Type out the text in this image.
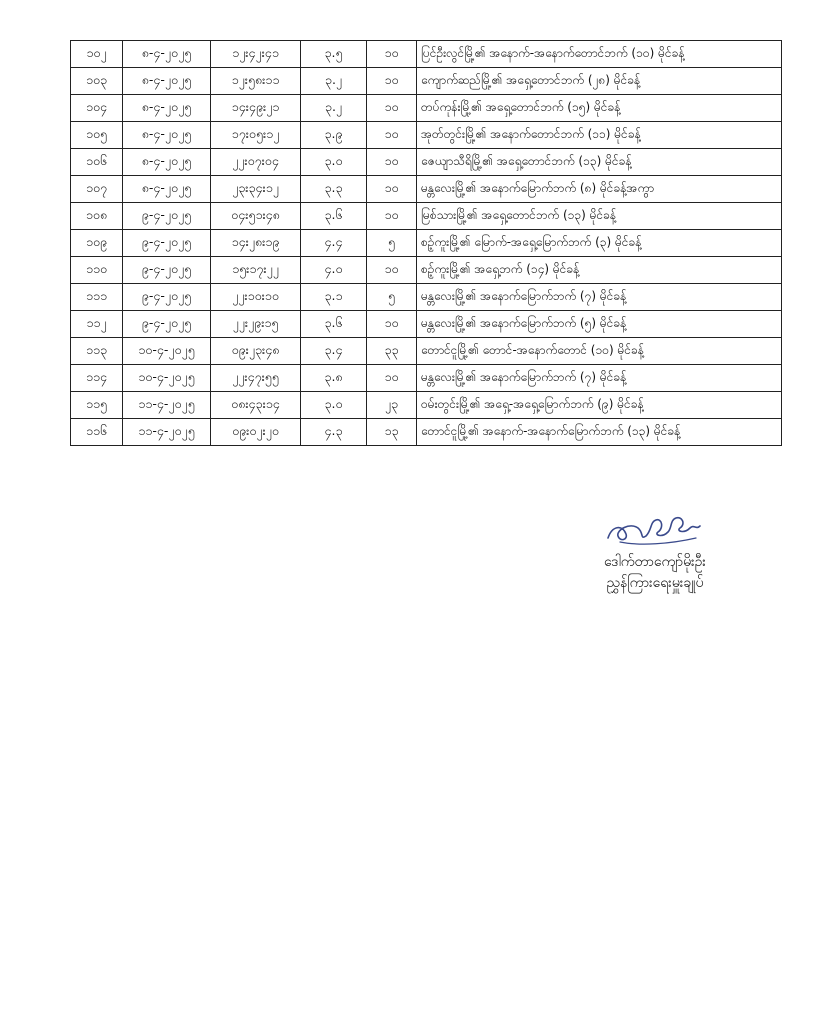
၁၀၂	၈-၄-၂၀၂၅	၁၂း၄၂း၄၁	၃.၅	၁၀	ပြင်ဦးလွင်မြို့၏ အနောက်-အနောက်တောင်ဘက် (၁၀) မိုင်ခန့်
၁၀၃	၈-၄-၂၀၂၅	၁၂း၅၈း၁၁	၃.၂	၁၀	ကျောက်ဆည်မြို့၏ အရှေ့တောင်ဘက် (၂၈) မိုင်ခန့်
၁၀၄	၈-၄-၂၀၂၅	၁၄း၄၉း၂၁	၃.၂	၁၀	တပ်ကုန်းမြို့၏ အရှေ့တောင်ဘက် (၁၅) မိုင်ခန့်
၁၀၅	၈-၄-၂၀၂၅	၁၇း၀၅း၁၂	၃.၉	၁၀	အုတ်တွင်းမြို့၏ အနောက်တောင်ဘက် (၁၁) မိုင်ခန့်
၁၀၆	၈-၄-၂၀၂၅	၂၂း၀၇း၀၄	၃.၀	၁၀	ဇေယျာသီရိမြို့၏ အရှေ့တောင်ဘက် (၁၃) မိုင်ခန့်
၁၀၇	၈-၄-၂၀၂၅	၂၃း၃၄း၁၂	၃.၃	၁၀	မန္တလေးမြို့၏ အနောက်မြောက်ဘက် (၈) မိုင်ခန့်အကွာ
၁၀၈	၉-၄-၂၀၂၅	၀၄း၅၁း၄၈	၃.၆	၁၀	မြစ်သားမြို့၏ အရှေ့တောင်ဘက် (၁၃) မိုင်ခန့်
၁၀၉	၉-၄-၂၀၂၅	၁၄း၂၈း၁၉	၄.၄	၅	စဉ့်ကူးမြို့၏ မြောက်-အရှေ့မြောက်ဘက် (၃) မိုင်ခန့်
၁၁၀	၉-၄-၂၀၂၅	၁၅း၁၇း၂၂	၄.၀	၁၀	စဉ့်ကူးမြို့၏ အရှေ့ဘက် (၁၄) မိုင်ခန့်
၁၁၁	၉-၄-၂၀၂၅	၂၂း၁၀း၁၀	၃.၁	၅	မန္တလေးမြို့၏ အနောက်မြောက်ဘက် (၇) မိုင်ခန့်
၁၁၂	၉-၄-၂၀၂၅	၂၂း၂၉း၁၅	၃.၆	၁၀	မန္တလေးမြို့၏ အနောက်မြောက်ဘက် (၅) မိုင်ခန့်
၁၁၃	၁၀-၄-၂၀၂၅	၀၉း၂၃း၄၈	၃.၄	၃၃	တောင်ငူမြို့၏ တောင်-အနောက်တောင် (၁၀) မိုင်ခန့်
၁၁၄	၁၀-၄-၂၀၂၅	၂၂း၄၇း၅၅	၃.၈	၁၀	မန္တလေးမြို့၏ အနောက်မြောက်ဘက် (၇) မိုင်ခန့်
၁၁၅	၁၁-၄-၂၀၂၅	၀၈း၄၃း၁၄	၃.၀	၂၃	ဝမ်းတွင်းမြို့၏ အရှေ့-အရှေ့မြောက်ဘက် (၉) မိုင်ခန့်
၁၁၆	၁၁-၄-၂၀၂၅	၀၉း၀၂း၂၀	၄.၃	၁၃	တောင်ငူမြို့၏ အနောက်-အနောက်မြောက်ဘက် (၁၃) မိုင်ခန့်
ဒေါက်တာကျော်မိုးဦး
ညွှန်ကြားရေးမှူးချုပ်
